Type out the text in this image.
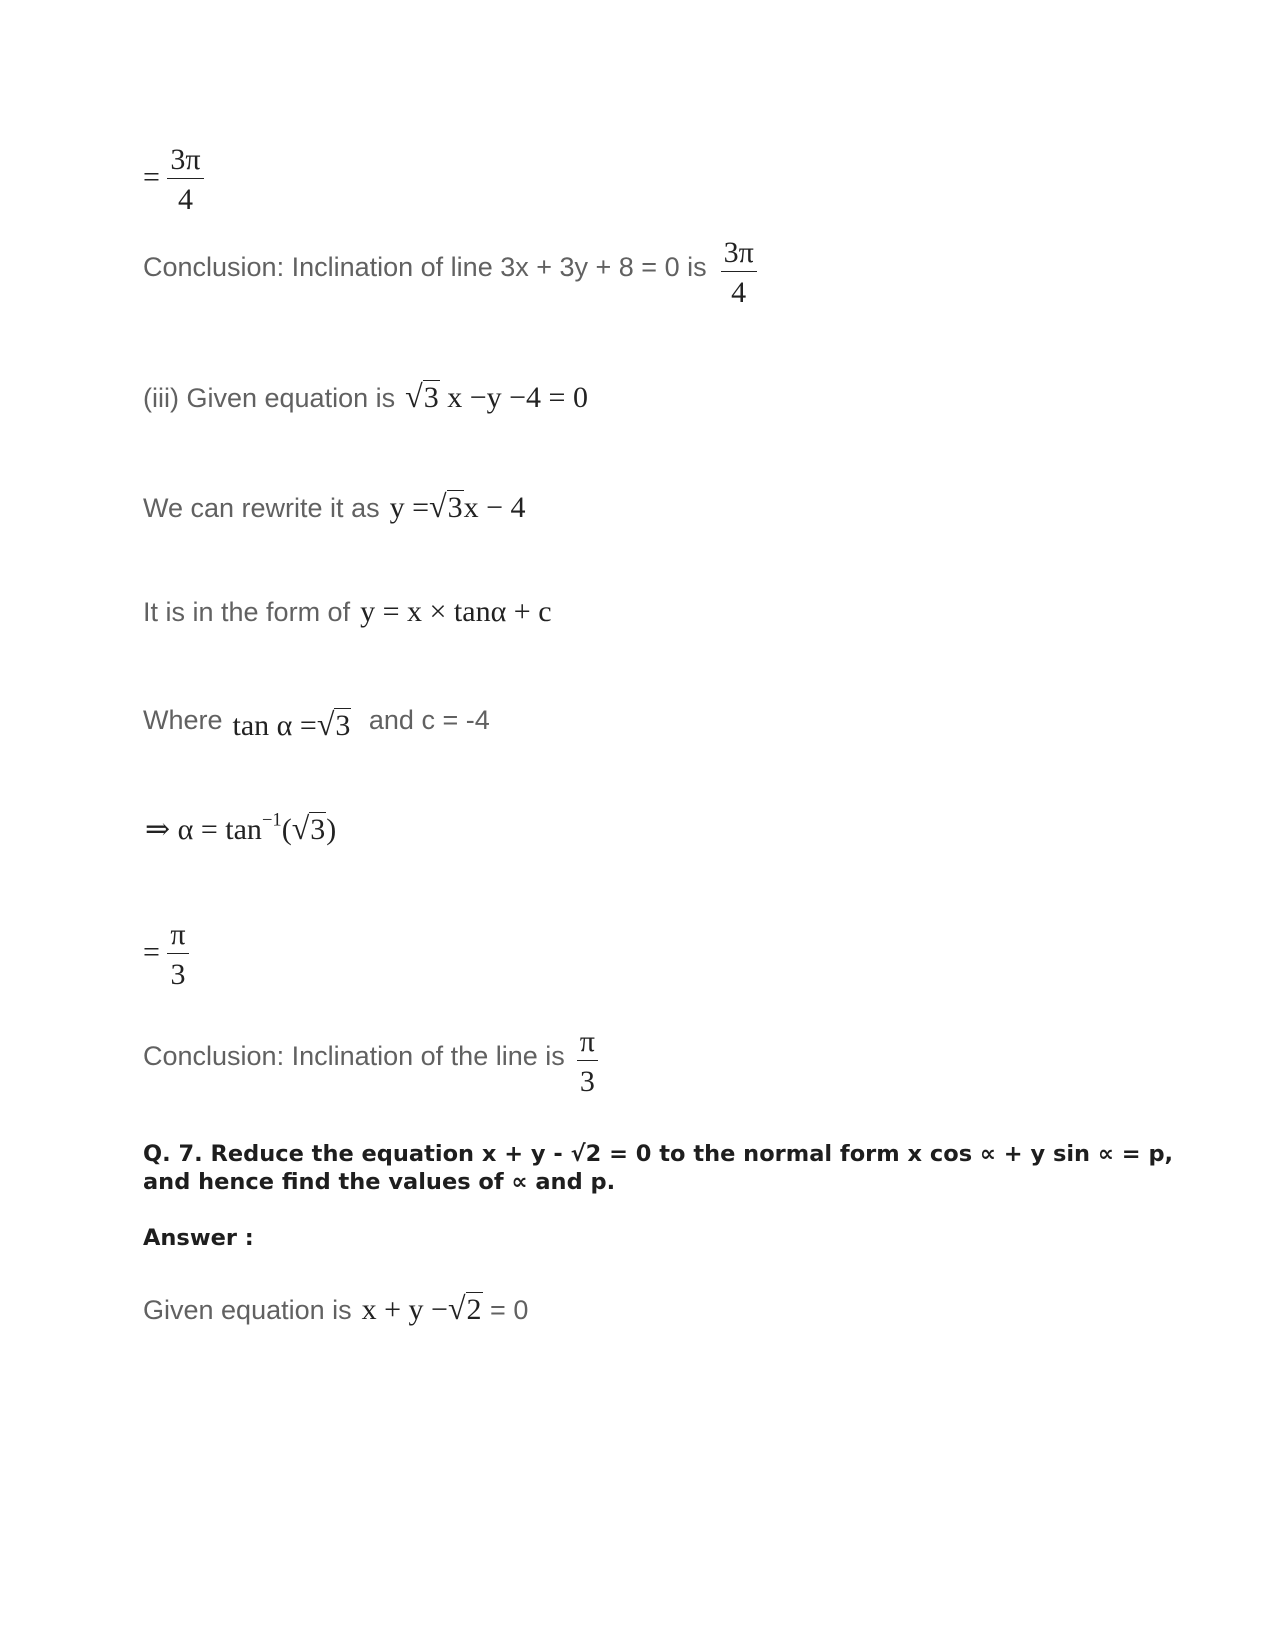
= $\frac{3\pi}{4}$
Conclusion: Inclination of line 3x + 3y + 8 = 0 is $\frac{3\pi}{4}$
(iii) Given equation is √3 x −y −4 = 0
We can rewrite it as y =√3x − 4
It is in the form of y = x × tanα + c
Where tan α =√3 and c = -4
⇒ $\alpha = \tan^{-1}(√3)$
= $\frac{\pi}{3}$
Conclusion: Inclination of the line is $\frac{\pi}{3}$
Q. 7. Reduce the equation x + y - √2 = 0 to the normal form x cos ∝ + y sin ∝ = p,
and hence find the values of ∝ and p.
Answer :
Given equation is x + y −√2 = 0
